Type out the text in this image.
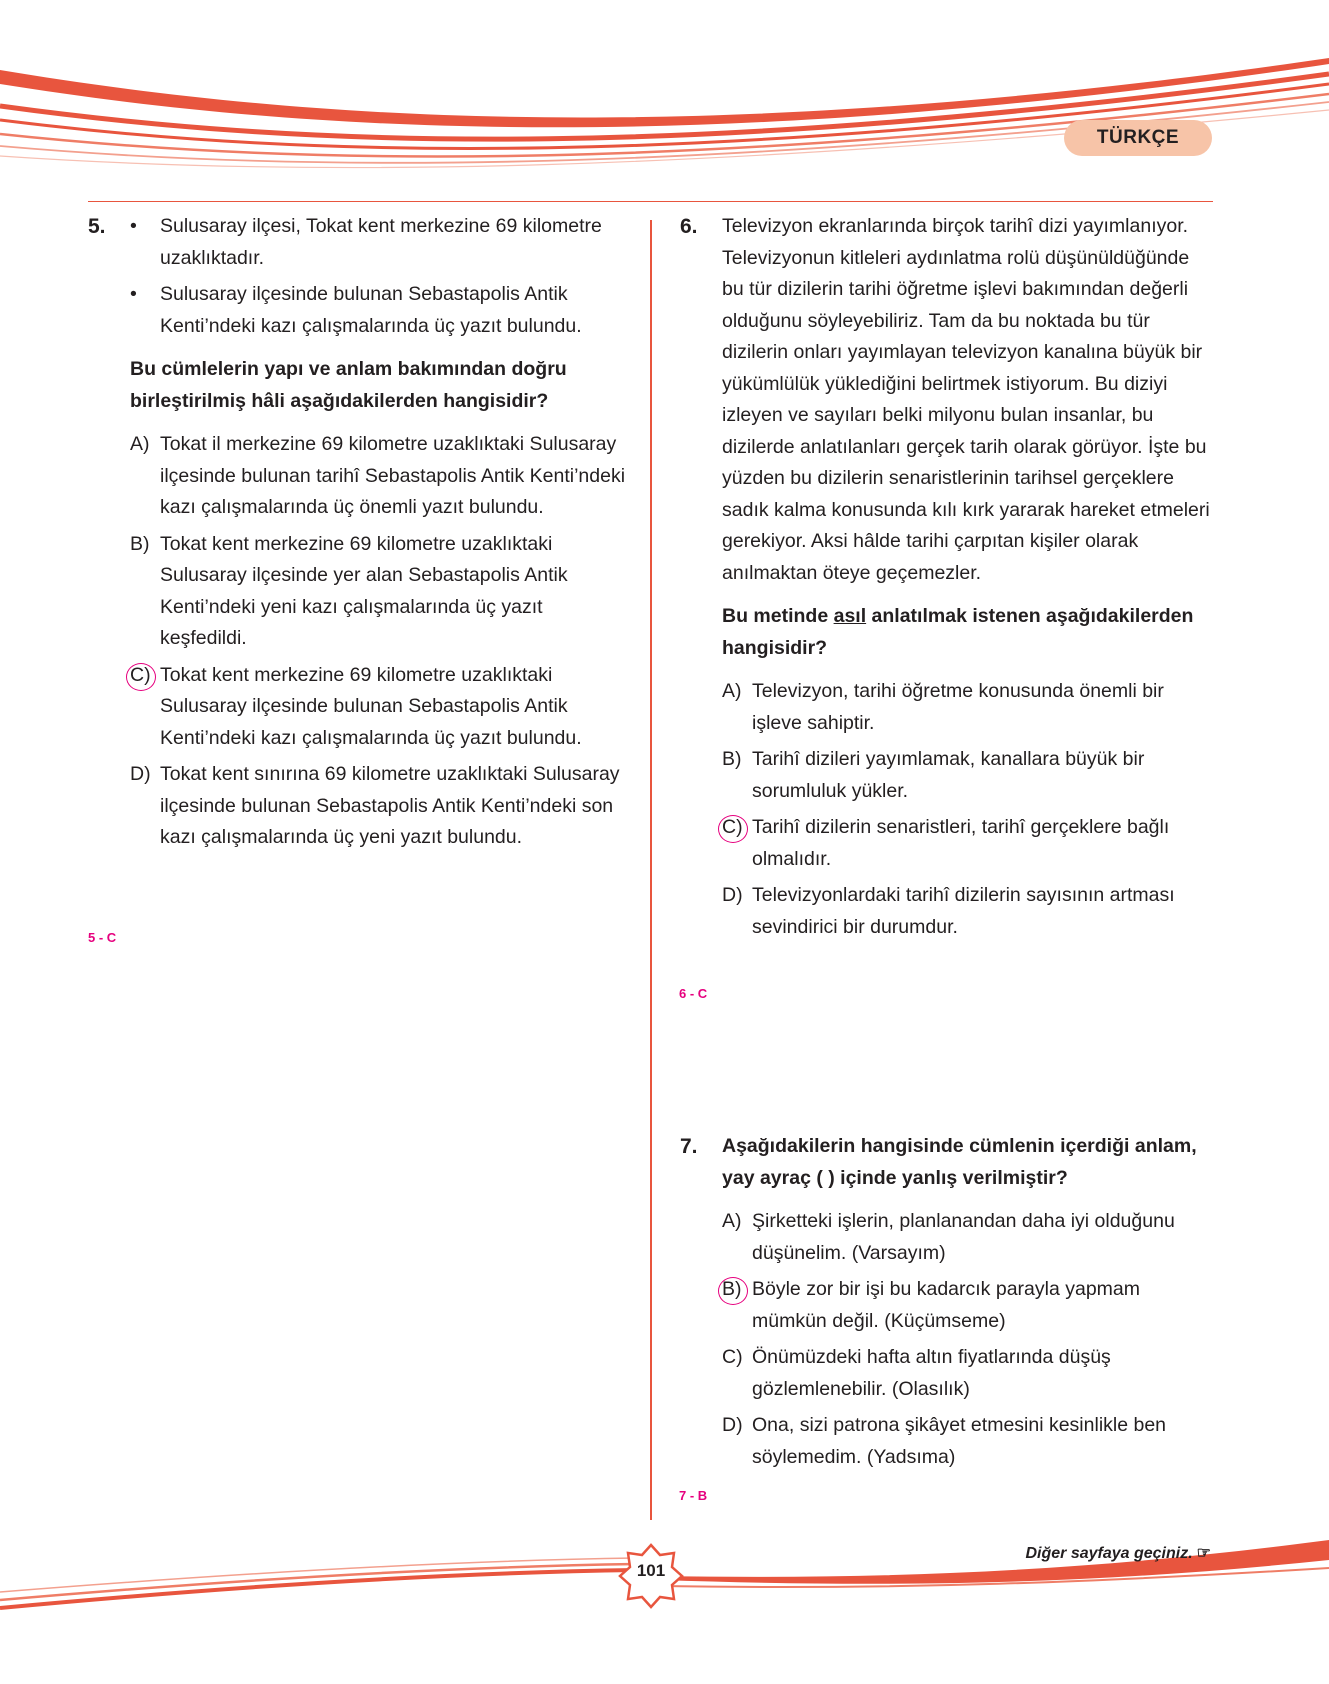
TÜRKÇE
5. • Sulusaray ilçesi, Tokat kent merkezine 69 kilometre uzaklıktadır.
• Sulusaray ilçesinde bulunan Sebastapolis Antik Kenti’ndeki kazı çalışmalarında üç yazıt bulundu.
Bu cümlelerin yapı ve anlam bakımından doğru birleştirilmiş hâli aşağıdakilerden hangisidir?
A) Tokat il merkezine 69 kilometre uzaklıktaki Sulusaray ilçesinde bulunan tarihî Sebastapolis Antik Kenti’ndeki kazı çalışmalarında üç önemli yazıt bulundu.
B) Tokat kent merkezine 69 kilometre uzaklıktaki Sulusaray ilçesinde yer alan Sebastapolis Antik Kenti’ndeki yeni kazı çalışmalarında üç yazıt keşfedildi.
C) Tokat kent merkezine 69 kilometre uzaklıktaki Sulusaray ilçesinde bulunan Sebastapolis Antik Kenti’ndeki kazı çalışmalarında üç yazıt bulundu.
D) Tokat kent sınırına 69 kilometre uzaklıktaki Sulusaray ilçesinde bulunan Sebastapolis Antik Kenti’ndeki son kazı çalışmalarında üç yeni yazıt bulundu.
5 - C
6. Televizyon ekranlarında birçok tarihî dizi yayımlanıyor. Televizyonun kitleleri aydınlatma rolü düşünüldüğünde bu tür dizilerin tarihi öğretme işlevi bakımından değerli olduğunu söyleyebiliriz. Tam da bu noktada bu tür dizilerin onları yayımlayan televizyon kanalına büyük bir yükümlülük yüklediğini belirtmek istiyorum. Bu diziyi izleyen ve sayıları belki milyonu bulan insanlar, bu dizilerde anlatılanları gerçek tarih olarak görüyor. İşte bu yüzden bu dizilerin senaristlerinin tarihsel gerçeklere sadık kalma konusunda kılı kırk yararak hareket etmeleri gerekiyor. Aksi hâlde tarihi çarpıtan kişiler olarak anılmaktan öteye geçemezler.
Bu metinde asıl anlatılmak istenen aşağıdakilerden hangisidir?
A) Televizyon, tarihi öğretme konusunda önemli bir işleve sahiptir.
B) Tarihî dizileri yayımlamak, kanallara büyük bir sorumluluk yükler.
C) Tarihî dizilerin senaristleri, tarihî gerçeklere bağlı olmalıdır.
D) Televizyonlardaki tarihî dizilerin sayısının artması sevindirici bir durumdur.
6 - C
7. Aşağıdakilerin hangisinde cümlenin içerdiği anlam, yay ayraç ( ) içinde yanlış verilmiştir?
A) Şirketteki işlerin, planlanandan daha iyi olduğunu düşünelim. (Varsayım)
B) Böyle zor bir işi bu kadarcık parayla yapmam mümkün değil. (Küçümseme)
C) Önümüzdeki hafta altın fiyatlarında düşüş gözlemlenebilir. (Olasılık)
D) Ona, sizi patrona şikâyet etmesini kesinlikle ben söylemedim. (Yadsıma)
7 - B
Diğer sayfaya geçiniz. ☞
101
